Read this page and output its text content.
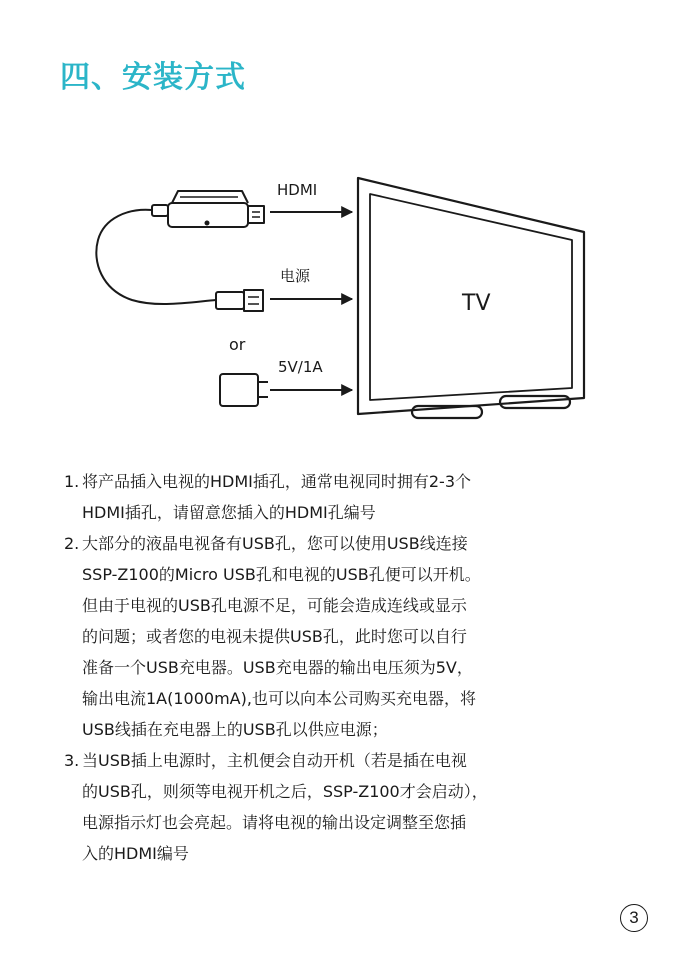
四、安装方式
HDMI
电源
or
5V/1A
TV
1. 将产品插入电视的HDMI插孔，通常电视同时拥有2-3个
HDMI插孔，请留意您插入的HDMI孔编号
2. 大部分的液晶电视备有USB孔，您可以使用USB线连接
SSP-Z100的Micro USB孔和电视的USB孔便可以开机。
但由于电视的USB孔电源不足，可能会造成连线或显示
的问题；或者您的电视未提供USB孔，此时您可以自行
准备一个USB充电器。USB充电器的输出电压须为5V，
输出电流1A(1000mA),也可以向本公司购买充电器，将
USB线插在充电器上的USB孔以供应电源；
3. 当USB插上电源时，主机便会自动开机（若是插在电视
的USB孔，则须等电视开机之后，SSP-Z100才会启动），
电源指示灯也会亮起。请将电视的输出设定调整至您插
入的HDMI编号
3
